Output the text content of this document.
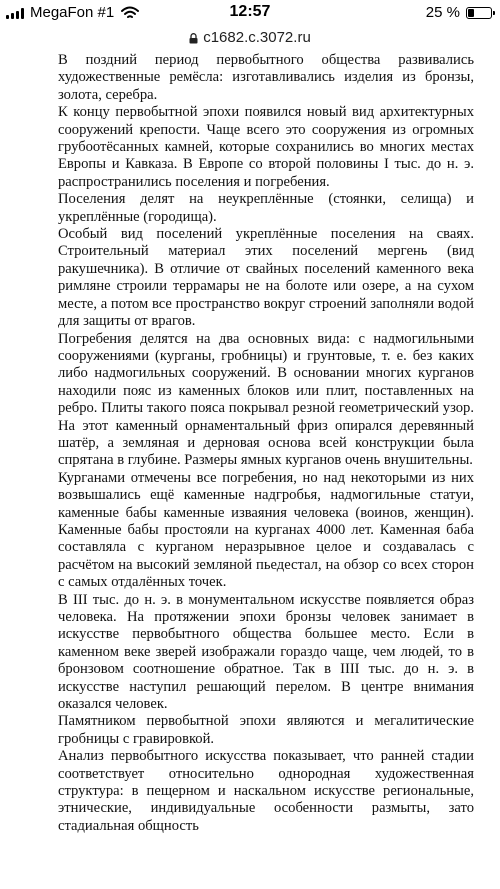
MegaFon #1	12:57	25 %
c1682.c.3072.ru

В поздний период первобытного общества развивались художественные ремёсла: изготавливались изделия из бронзы, золота, серебра.

К концу первобытной эпохи появился новый вид архитектурных сооружений крепости. Чаще всего это сооружения из огромных грубоотёсанных камней, которые сохранились во многих местах Европы и Кавказа. В Европе со второй половины I тыс. до н. э. распространились поселения и погребения.

Поселения делят на неукреплённые (стоянки, селища) и укреплённые (городища).

Особый вид поселений укреплённые поселения на сваях. Строительный материал этих поселений мергень (вид ракушечника). В отличие от свайных поселений каменного века римляне строили террамары не на болоте или озере, а на сухом месте, а потом все пространство вокруг строений заполняли водой для защиты от врагов.

Погребения делятся на два основных вида: с надмогильными сооружениями (курганы, гробницы) и грунтовые, т. е. без каких либо надмогильных сооружений. В основании многих курганов находили пояс из каменных блоков или плит, поставленных на ребро. Плиты такого пояса покрывал резной геометрический узор. На этот каменный орнаментальный фриз опирался деревянный шатёр, а земляная и дерновая основа всей конструкции была спрятана в глубине. Размеры ямных курганов очень внушительны.

Курганами отмечены все погребения, но над некоторыми из них возвышались ещё каменные надгробья, надмогильные статуи, каменные бабы каменные изваяния человека (воинов, женщин). Каменные бабы простояли на курганах 4000 лет. Каменная баба составляла с курганом неразрывное целое и создавалась с расчётом на высокий земляной пьедестал, на обзор со всех сторон с самых отдалённых точек.

В III тыс. до н. э. в монументальном искусстве появляется образ человека. На протяжении эпохи бронзы человек занимает в искусстве первобытного общества большее место. Если в каменном веке зверей изображали гораздо чаще, чем людей, то в бронзовом соотношение обратное. Так в IIII тыс. до н. э. в искусстве наступил решающий перелом. В центре внимания оказался человек.

Памятником первобытной эпохи являются и мегалитические гробницы с гравировкой.

Анализ первобытного искусства показывает, что ранней стадии соответствует относительно однородная художественная структура: в пещерном и наскальном искусстве региональные, этнические, индивидуальные особенности размыты, зато стадиальная общность
